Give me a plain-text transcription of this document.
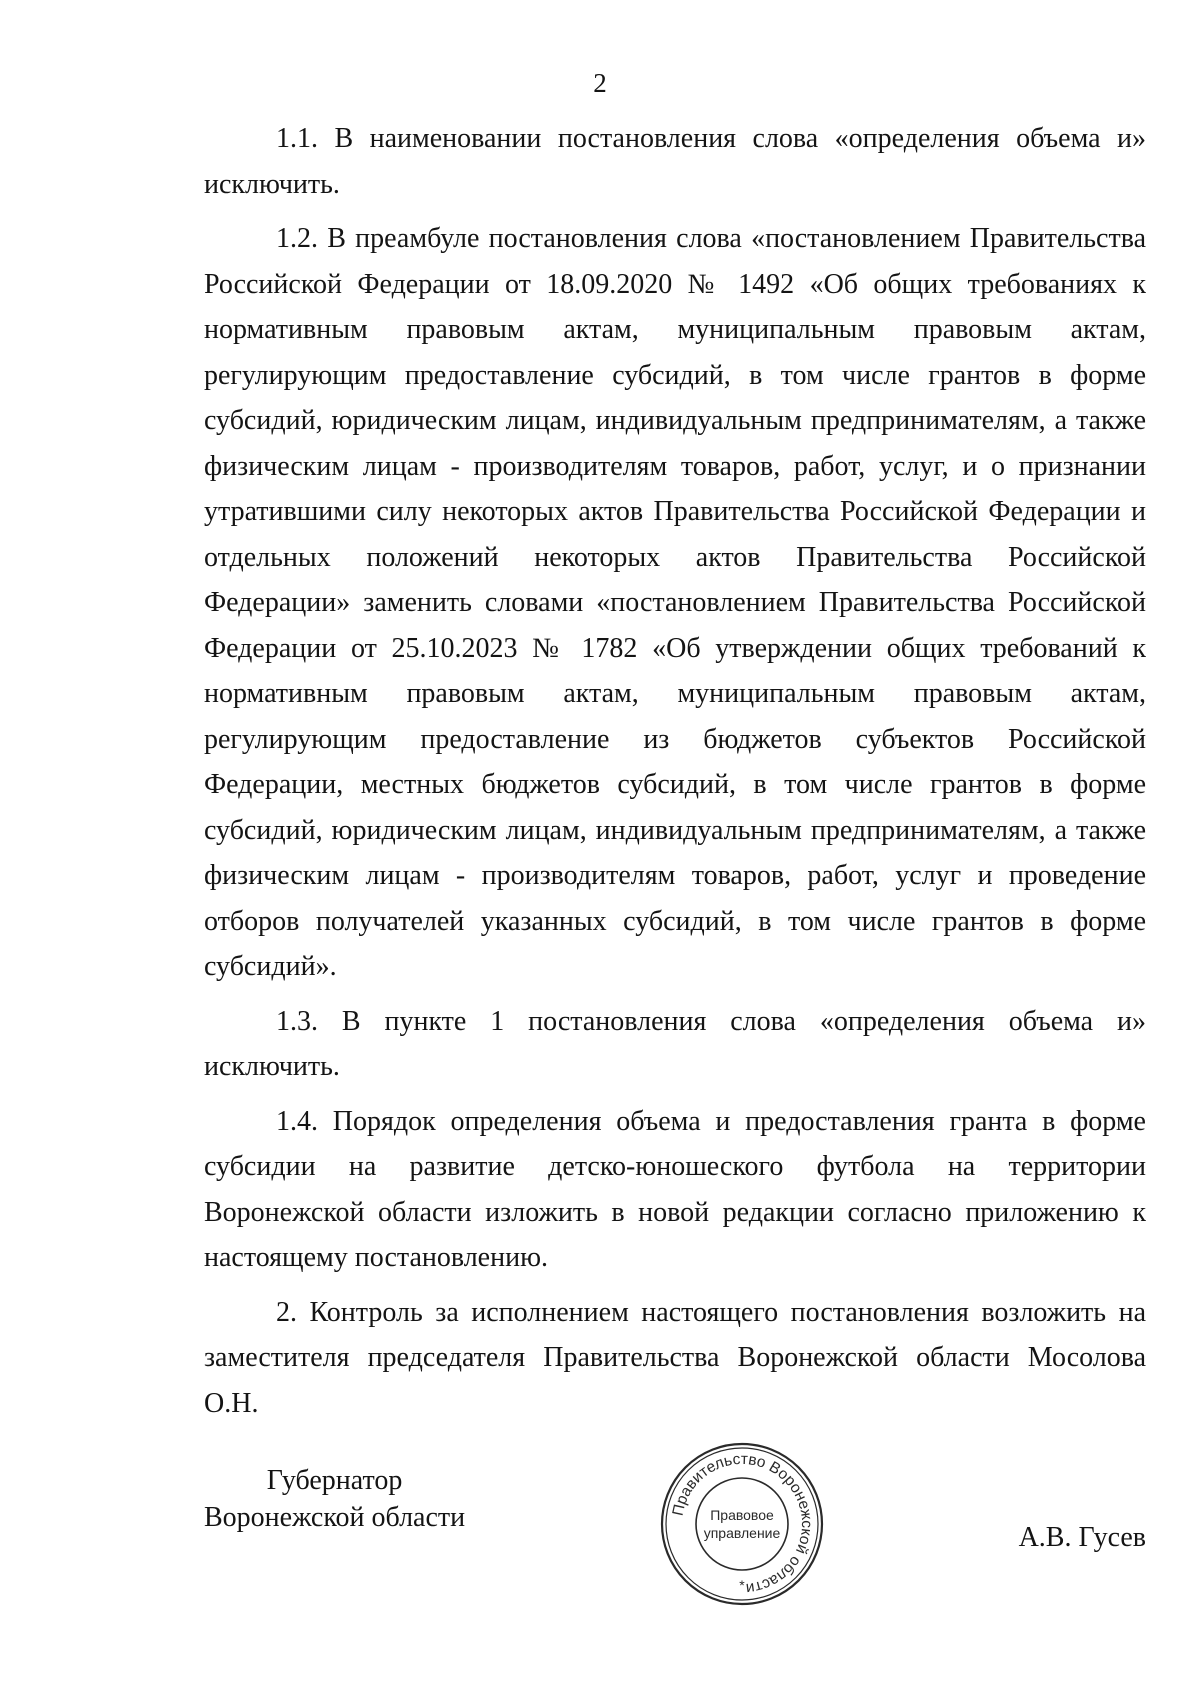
2

1.1. В наименовании постановления слова «определения объема и» исключить.

1.2. В преамбуле постановления слова «постановлением Правительства Российской Федерации от 18.09.2020 № 1492 «Об общих требованиях к нормативным правовым актам, муниципальным правовым актам, регулирующим предоставление субсидий, в том числе грантов в форме субсидий, юридическим лицам, индивидуальным предпринимателям, а также физическим лицам - производителям товаров, работ, услуг, и о признании утратившими силу некоторых актов Правительства Российской Федерации и отдельных положений некоторых актов Правительства Российской Федерации» заменить словами «постановлением Правительства Российской Федерации от 25.10.2023 № 1782 «Об утверждении общих требований к нормативным правовым актам, муниципальным правовым актам, регулирующим предоставление из бюджетов субъектов Российской Федерации, местных бюджетов субсидий, в том числе грантов в форме субсидий, юридическим лицам, индивидуальным предпринимателям, а также физическим лицам - производителям товаров, работ, услуг и проведение отборов получателей указанных субсидий, в том числе грантов в форме субсидий».

1.3. В пункте 1 постановления слова «определения объема и» исключить.

1.4. Порядок определения объема и предоставления гранта в форме субсидии на развитие детско-юношеского футбола на территории Воронежской области изложить в новой редакции согласно приложению к настоящему постановлению.

2. Контроль за исполнением настоящего постановления возложить на заместителя председателя Правительства Воронежской области Мосолова О.Н.

Губернатор
Воронежской области	Правительство Воронежской области
Правовое
управление
*
А.В. Гусев
